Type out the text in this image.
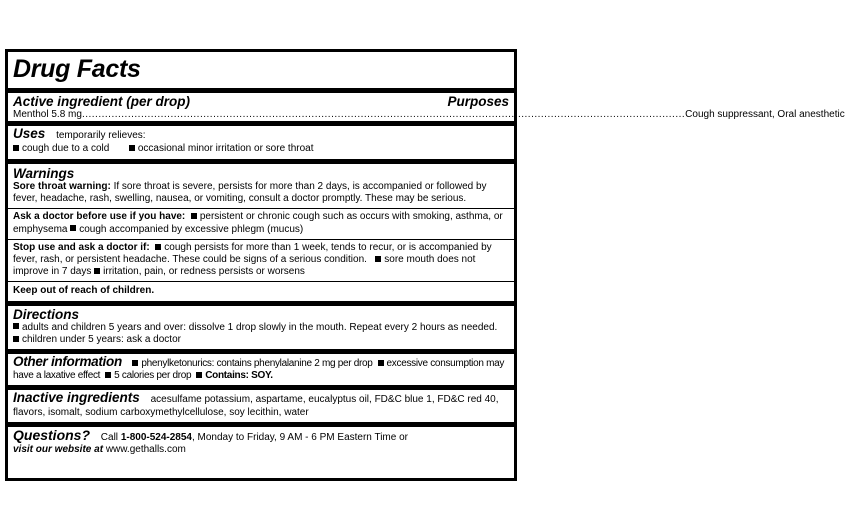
Drug Facts
Active ingredient (per drop)	Purposes
Menthol 5.8 mg ........................................................................................................................................................................................ Cough suppressant, Oral anesthetic
Uses temporarily relieves:
cough due to a cold	occasional minor irritation or sore throat
Warnings
Sore throat warning: If sore throat is severe, persists for more than 2 days, is accompanied or followed by fever, headache, rash, swelling, nausea, or vomiting, consult a doctor promptly. These may be serious.
Ask a doctor before use if you have: persistent or chronic cough such as occurs with smoking, asthma, or emphysema cough accompanied by excessive phlegm (mucus)
Stop use and ask a doctor if: cough persists for more than 1 week, tends to recur, or is accompanied by fever, rash, or persistent headache. These could be signs of a serious condition. sore mouth does not improve in 7 days irritation, pain, or redness persists or worsens
Keep out of reach of children.
Directions
adults and children 5 years and over: dissolve 1 drop slowly in the mouth. Repeat every 2 hours as needed.
children under 5 years: ask a doctor
Other information phenylketonurics: contains phenylalanine 2 mg per drop excessive consumption may have a laxative effect 5 calories per drop Contains: SOY.
Inactive ingredients acesulfame potassium, aspartame, eucalyptus oil, FD&C blue 1, FD&C red 40, flavors, isomalt, sodium carboxymethylcellulose, soy lecithin, water
Questions? Call 1-800-524-2854, Monday to Friday, 9 AM - 6 PM Eastern Time or
visit our website at www.gethalls.com
